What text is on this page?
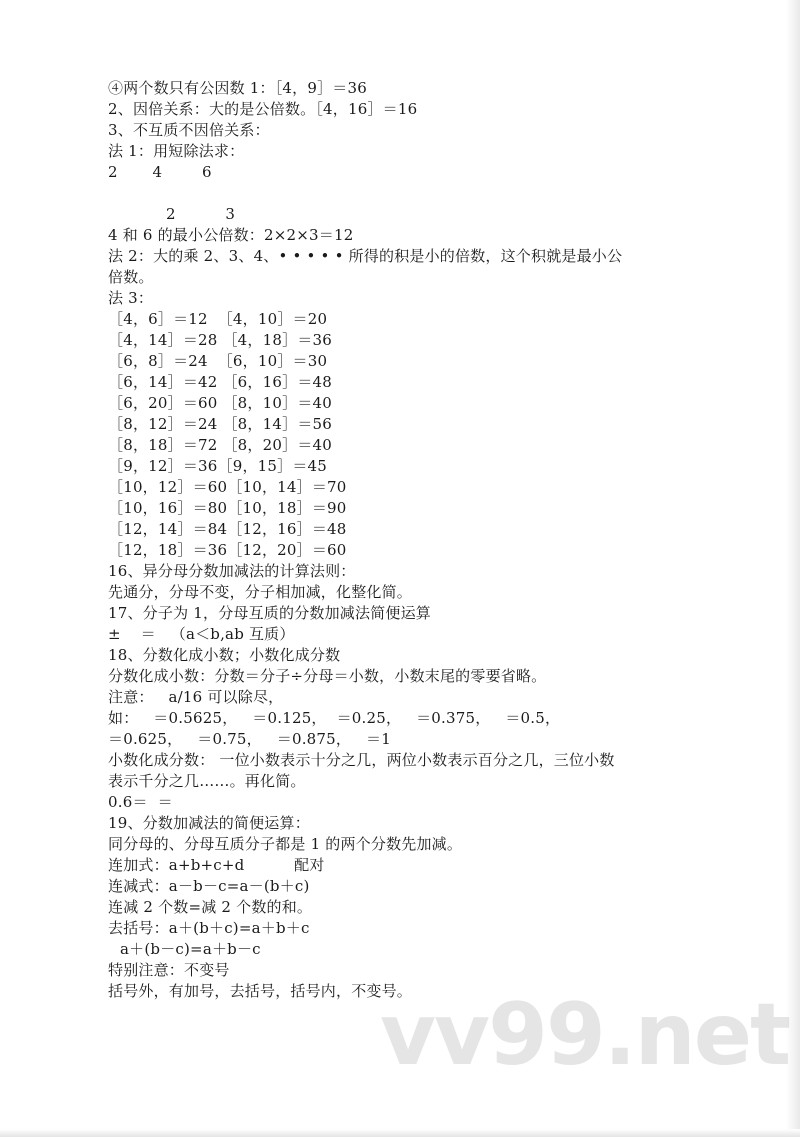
④两个数只有公因数 1：［4，9］＝36
2、因倍关系：大的是公倍数。［4，16］＝16
3、不互质不因倍关系：
法 1：用短除法求：
2       4        6
2          3
4 和 6 的最小公倍数：2×2×3＝12
法 2：大的乘 2、3、4、• • • • • 所得的积是小的倍数，这个积就是最小公
倍数。
法 3：
［4，6］＝12  ［4，10］＝20
［4，14］＝28 ［4，18］＝36
［6，8］＝24  ［6，10］＝30
［6，14］＝42 ［6，16］＝48
［6，20］＝60 ［8，10］＝40
［8，12］＝24 ［8，14］＝56
［8，18］＝72 ［8，20］＝40
［9，12］＝36［9，15］＝45
［10，12］＝60［10，14］＝70
［10，16］＝80［10，18］＝90
［12，14］＝84［12，16］＝48
［12，18］＝36［12，20］＝60
16、异分母分数加减法的计算法则：
先通分，分母不变，分子相加减，化整化简。
17、分子为 1，分母互质的分数加减法简便运算
±    ＝   （a＜b,ab 互质）
18、分数化成小数；小数化成分数
分数化成小数：分数＝分子÷分母＝小数，小数末尾的零要省略。
注意：   a/16 可以除尽，
如：   ＝0.5625，   ＝0.125，  ＝0.25，   ＝0.375，   ＝0.5，
＝0.625，   ＝0.75，   ＝0.875，   ＝1
小数化成分数： 一位小数表示十分之几，两位小数表示百分之几，三位小数
表示千分之几……。再化简。
0.6＝  ＝
19、分数加减法的简便运算：
同分母的、分母互质分子都是 1 的两个分数先加减。
连加式：a+b+c+d          配对
连减式：a－b－c=a－(b＋c)
连减 2 个数=减 2 个数的和。
去括号：a＋(b＋c)=a＋b＋c
a＋(b－c)=a＋b－c
特别注意：不变号
括号外，有加号，去括号，括号内，不变号。
vv99.net
